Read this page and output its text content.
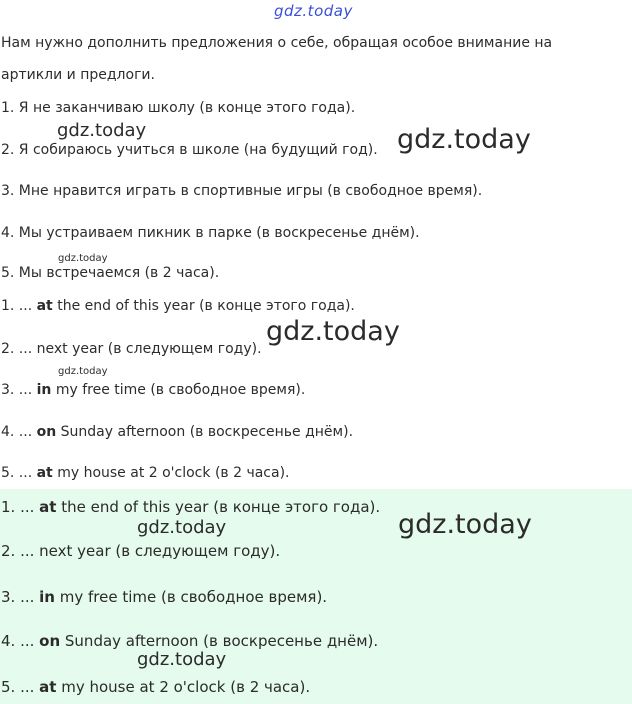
gdz.today
Нам нужно дополнить предложения о себе, обращая особое внимание на
артикли и предлоги.
1. Я не заканчиваю школу (в конце этого года).
2. Я собираюсь учиться в школе (на будущий год).
3. Мне нравится играть в спортивные игры (в свободное время).
4. Мы устраиваем пикник в парке (в воскресенье днём).
5. Мы встречаемся (в 2 часа).
1. ... at the end of this year (в конце этого года).
2. ... next year (в следующем году).
3. ... in my free time (в свободное время).
4. ... on Sunday afternoon (в воскресенье днём).
5. ... at my house at 2 o'clock (в 2 часа).
1. ... at the end of this year (в конце этого года).
2. ... next year (в следующем году).
3. ... in my free time (в свободное время).
4. ... on Sunday afternoon (в воскресенье днём).
5. ... at my house at 2 o'clock (в 2 часа).
gdz.today	gdz.today
gdz.today
gdz.today
gdz.today
gdz.today	gdz.today
gdz.today
